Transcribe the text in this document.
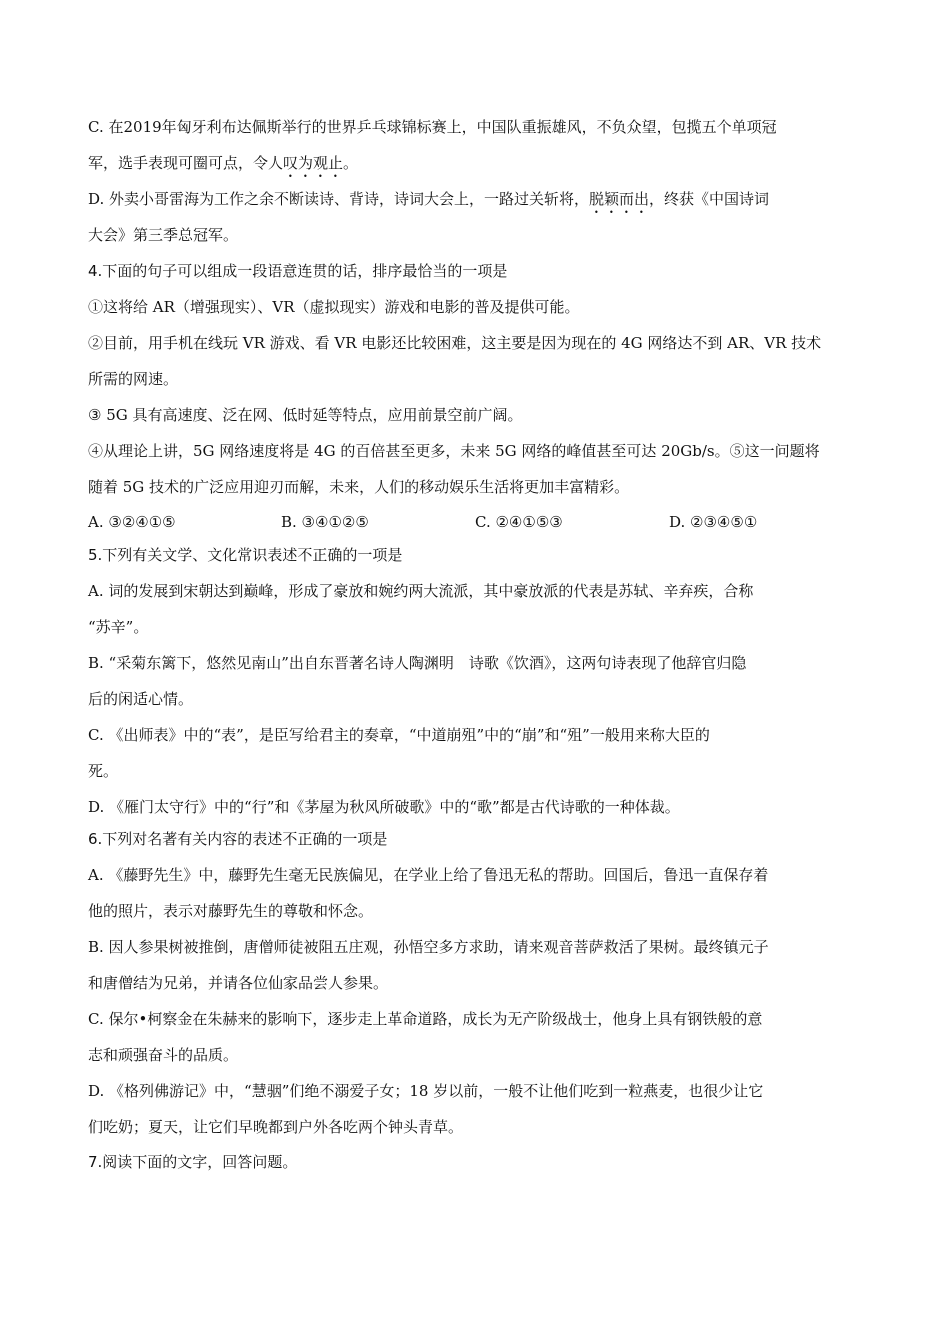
C. 在2019年匈牙利布达佩斯举行的世界乒乓球锦标赛上，中国队重振雄风，不负众望，包揽五个单项冠
军，选手表现可圈可点，令人叹为观止。
D. 外卖小哥雷海为工作之余不断读诗、背诗，诗词大会上，一路过关斩将，脱颖而出，终获《中国诗词
大会》第三季总冠军。
4.下面的句子可以组成一段语意连贯的话，排序最恰当的一项是
①这将给 AR（增强现实）、VR（虚拟现实）游戏和电影的普及提供可能。
②目前，用手机在线玩 VR 游戏、看 VR 电影还比较困难，这主要是因为现在的 4G 网络达不到 AR、VR 技术
所需的网速。
③ 5G 具有高速度、泛在网、低时延等特点，应用前景空前广阔。
④从理论上讲，5G 网络速度将是 4G 的百倍甚至更多，未来 5G 网络的峰值甚至可达 20Gb/s。⑤这一问题将
随着 5G 技术的广泛应用迎刃而解，未来，人们的移动娱乐生活将更加丰富精彩。
A. ③②④①⑤	B. ③④①②⑤	C. ②④①⑤③	D. ②③④⑤①
5.下列有关文学、文化常识表述不正确的一项是
A. 词的发展到宋朝达到巅峰，形成了豪放和婉约两大流派，其中豪放派的代表是苏轼、辛弃疾，合称
“苏辛”。
B. “采菊东篱下，悠然见南山”出自东晋著名诗人陶渊明　诗歌《饮酒》，这两句诗表现了他辞官归隐
后的闲适心情。
C. 《出师表》中的“表”，是臣写给君主的奏章，“中道崩殂”中的“崩”和“殂”一般用来称大臣的
死。
D. 《雁门太守行》中的“行”和《茅屋为秋风所破歌》中的“歌”都是古代诗歌的一种体裁。
6.下列对名著有关内容的表述不正确的一项是
A. 《藤野先生》中，藤野先生毫无民族偏见，在学业上给了鲁迅无私的帮助。回国后，鲁迅一直保存着
他的照片，表示对藤野先生的尊敬和怀念。
B. 因人参果树被推倒，唐僧师徒被阻五庄观，孙悟空多方求助，请来观音菩萨救活了果树。最终镇元子
和唐僧结为兄弟，并请各位仙家品尝人参果。
C. 保尔•柯察金在朱赫来的影响下，逐步走上革命道路，成长为无产阶级战士，他身上具有钢铁般的意
志和顽强奋斗的品质。
D. 《格列佛游记》中，“慧骃”们绝不溺爱子女；18 岁以前，一般不让他们吃到一粒燕麦，也很少让它
们吃奶；夏天，让它们早晚都到户外各吃两个钟头青草。
7.阅读下面的文字，回答问题。
